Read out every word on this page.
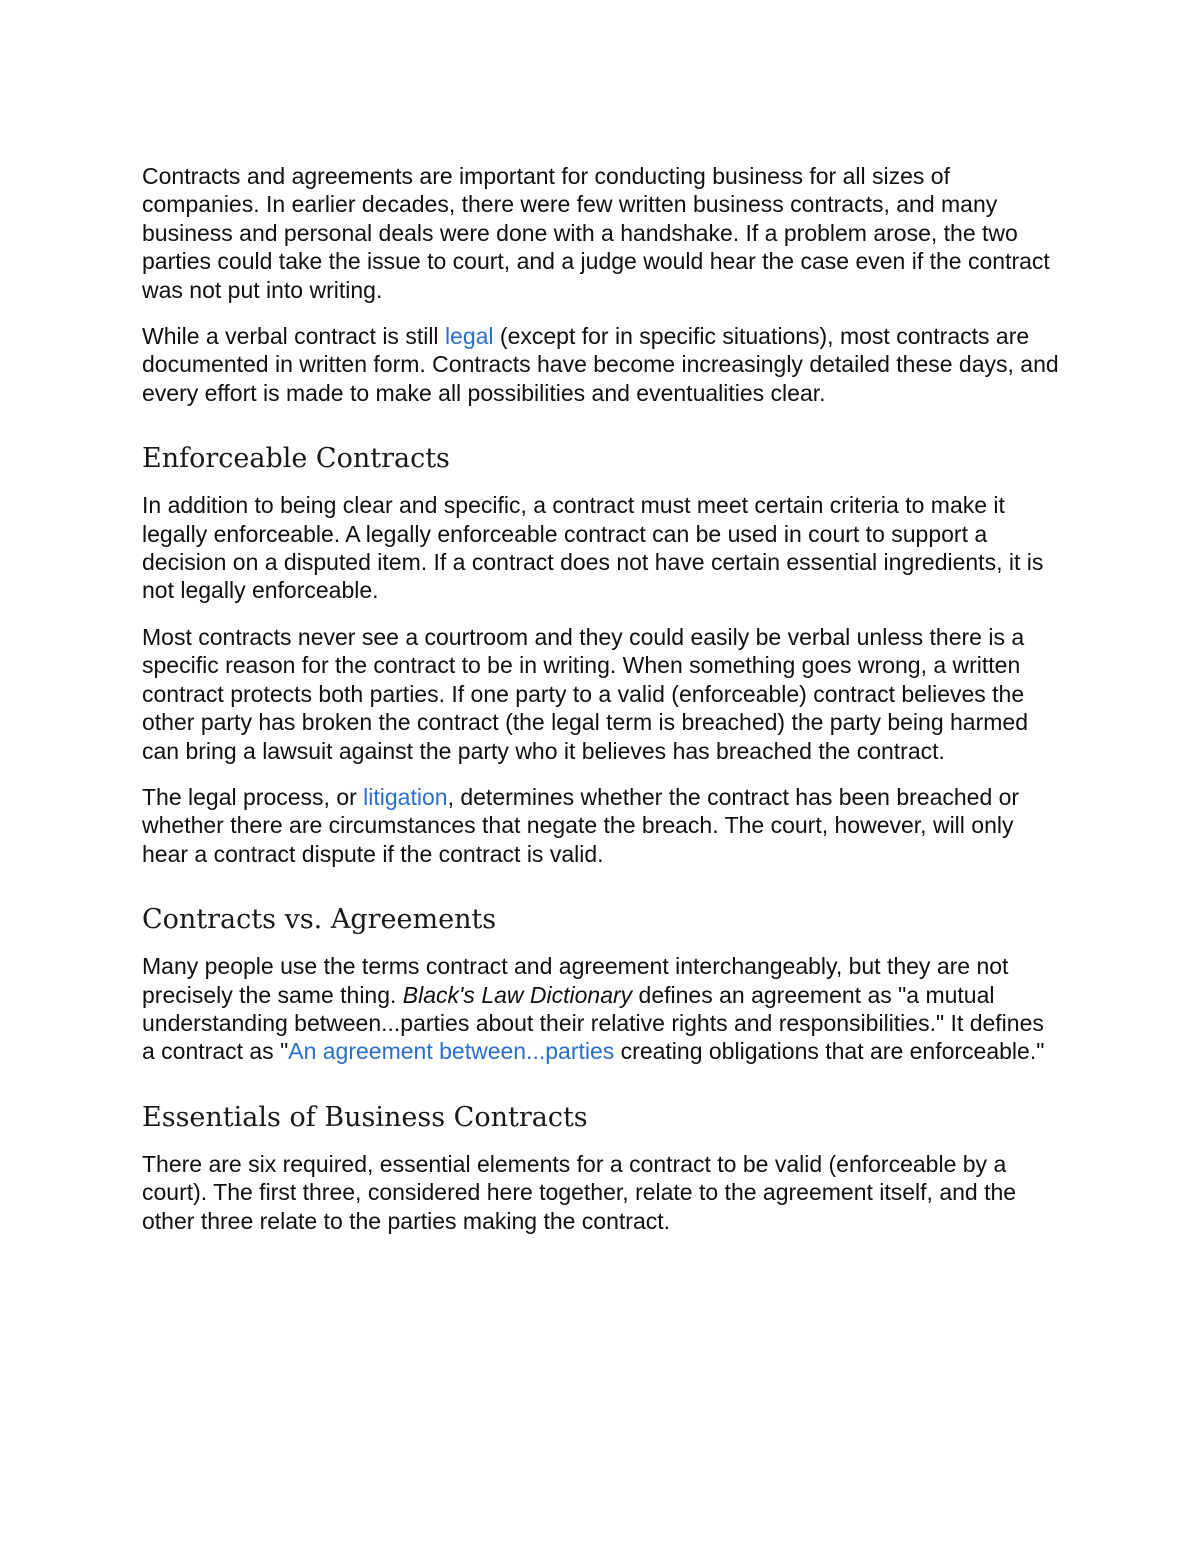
Contracts and agreements are important for conducting business for all sizes of companies. In earlier decades, there were few written business contracts, and many business and personal deals were done with a handshake. If a problem arose, the two parties could take the issue to court, and a judge would hear the case even if the contract was not put into writing.

While a verbal contract is still legal (except for in specific situations), most contracts are documented in written form. Contracts have become increasingly detailed these days, and every effort is made to make all possibilities and eventualities clear.

Enforceable Contracts

In addition to being clear and specific, a contract must meet certain criteria to make it legally enforceable. A legally enforceable contract can be used in court to support a decision on a disputed item. If a contract does not have certain essential ingredients, it is not legally enforceable.

Most contracts never see a courtroom and they could easily be verbal unless there is a specific reason for the contract to be in writing. When something goes wrong, a written contract protects both parties. If one party to a valid (enforceable) contract believes the other party has broken the contract (the legal term is breached) the party being harmed can bring a lawsuit against the party who it believes has breached the contract.

The legal process, or litigation, determines whether the contract has been breached or whether there are circumstances that negate the breach. The court, however, will only hear a contract dispute if the contract is valid.

Contracts vs. Agreements

Many people use the terms contract and agreement interchangeably, but they are not precisely the same thing. Black's Law Dictionary defines an agreement as "a mutual understanding between...parties about their relative rights and responsibilities." It defines a contract as "An agreement between...parties creating obligations that are enforceable."

Essentials of Business Contracts

There are six required, essential elements for a contract to be valid (enforceable by a court). The first three, considered here together, relate to the agreement itself, and the other three relate to the parties making the contract.
